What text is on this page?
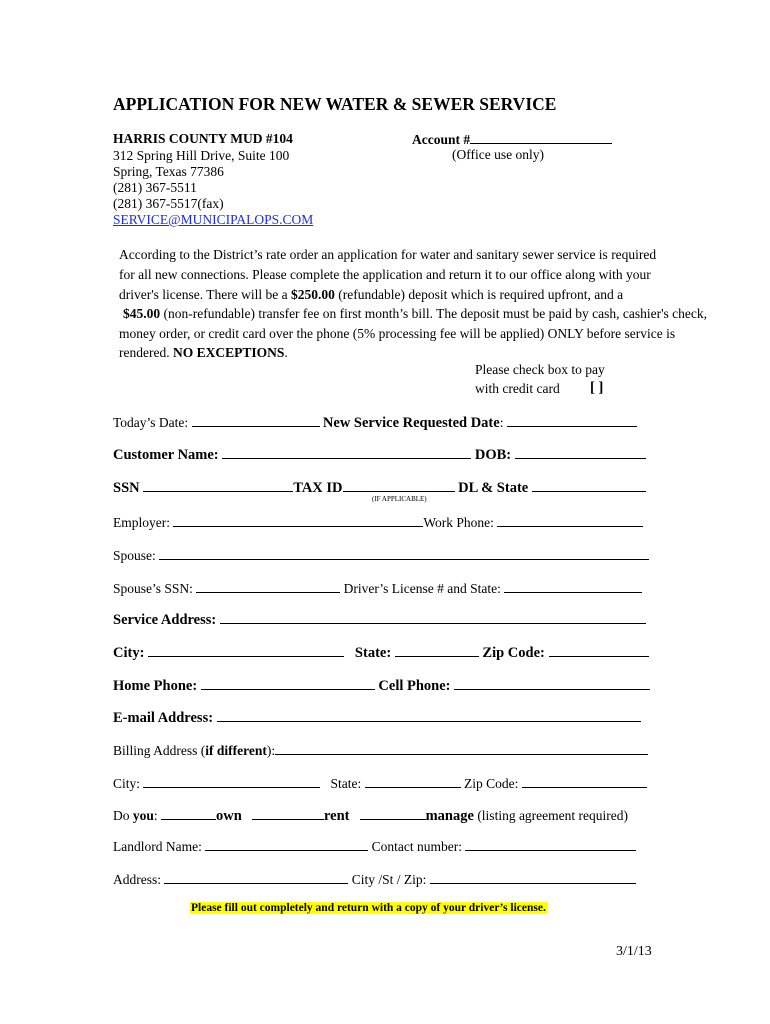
APPLICATION FOR NEW WATER & SEWER SERVICE
HARRIS COUNTY MUD #104
312 Spring Hill Drive, Suite 100
Spring, Texas 77386
(281) 367-5511
(281) 367-5517(fax)
SERVICE@MUNICIPALOPS.COM
Account #
(Office use only)
According to the District’s rate order an application for water and sanitary sewer service is required
for all new connections. Please complete the application and return it to our office along with your
driver's license. There will be a $250.00 (refundable) deposit which is required upfront, and a
$45.00 (non-refundable) transfer fee on first month’s bill. The deposit must be paid by cash, cashier's check,
money order, or credit card over the phone (5% processing fee will be applied) ONLY before service is
rendered. NO EXCEPTIONS.
Please check box to pay
with credit card [ ]
Today’s Date:	New Service Requested Date:
Customer Name:	DOB:
SSN	TAX ID	DL & State
(IF APPLICABLE)
Employer:	Work Phone:
Spouse:
Spouse’s SSN:	Driver’s License # and State:
Service Address:
City:	State:	Zip Code:
Home Phone:	Cell Phone:
E-mail Address:
Billing Address (if different):
City:	State:	Zip Code:
Do you:	own	rent	manage (listing agreement required)
Landlord Name:	Contact number:
Address:	City /St / Zip:
Please fill out completely and return with a copy of your driver’s license.
3/1/13
